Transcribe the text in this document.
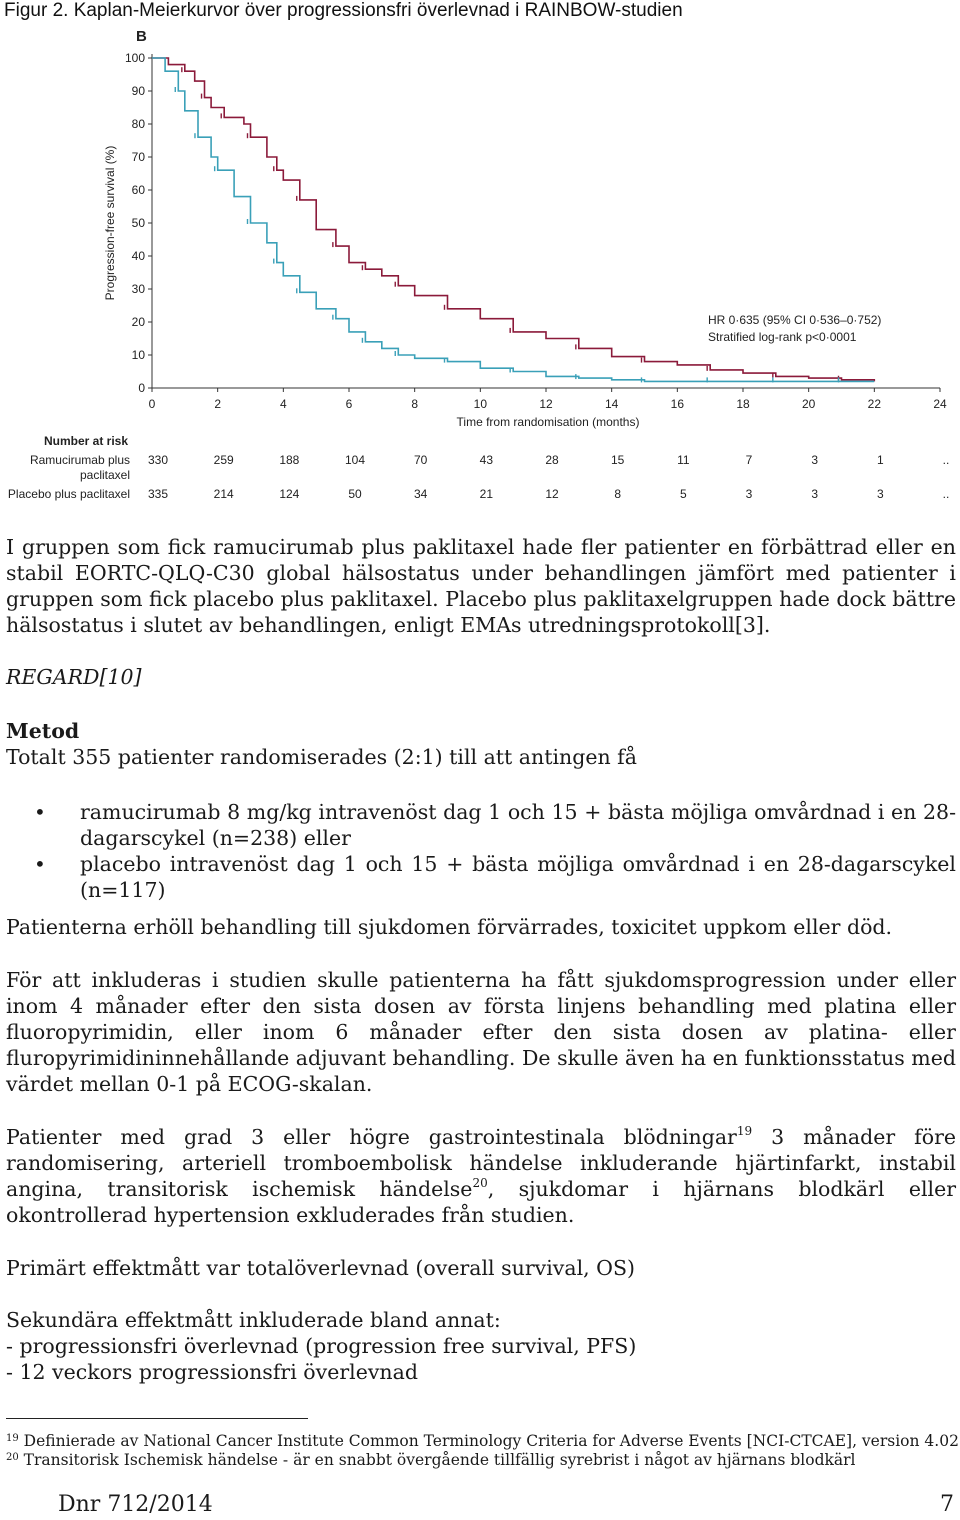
Figur 2. Kaplan-Meierkurvor över progressionsfri överlevnad i RAINBOW-studien
B
0
10
20
30
40
50
60
70
80
90
100
0	2	4	6	8	10	12	14	16	18	20	22	24
Time from randomisation (months)
Progression-free survival (%)
HR 0·635 (95% CI 0·536–0·752)
Stratified log-rank p<0·0001
Number at risk
Ramucirumab plus
paclitaxel
330	259	188	104	70	43	28	15	11	7	3	1	..
Placebo plus paclitaxel 335	214	124	50	34	21	12	8	5	3	3	3	..

I gruppen som fick ramucirumab plus paklitaxel hade fler patienter en förbättrad eller en stabil EORTC-QLQ-C30 global hälsostatus under behandlingen jämfört med patienter i gruppen som fick placebo plus paklitaxel. Placebo plus paklitaxelgruppen hade dock bättre hälsostatus i slutet av behandlingen, enligt EMAs utredningsprotokoll[3].

REGARD[10]

Metod

Totalt 355 patienter randomiserades (2:1) till att antingen få

• ramucirumab 8 mg/kg intravenöst dag 1 och 15 + bästa möjliga omvårdnad i en 28-dagarscykel (n=238) eller
• placebo intravenöst dag 1 och 15 + bästa möjliga omvårdnad i en 28-dagarscykel (n=117)

Patienterna erhöll behandling till sjukdomen förvärrades, toxicitet uppkom eller död.

För att inkluderas i studien skulle patienterna ha fått sjukdomsprogression under eller inom 4 månader efter den sista dosen av första linjens behandling med platina eller fluoropyrimidin, eller inom 6 månader efter den sista dosen av platina- eller fluropyrimidininnehållande adjuvant behandling. De skulle även ha en funktionsstatus med värdet mellan 0-1 på ECOG-skalan.

Patienter med grad 3 eller högre gastrointestinala blödningar$^{19}$ 3 månader före randomisering, arteriell tromboembolisk händelse inkluderande hjärtinfarkt, instabil angina, transitorisk ischemisk händelse$^{20}$, sjukdomar i hjärnans blodkärl eller okontrollerad hypertension exkluderades från studien.

Primärt effektmått var totalöverlevnad (overall survival, OS)

Sekundära effektmått inkluderade bland annat:

- progressionsfri överlevnad (progression free survival, PFS)

- 12 veckors progressionsfri överlevnad

$^{19}$ Definierade av National Cancer Institute Common Terminology Criteria for Adverse Events [NCI-CTCAE], version 4.02
$^{20}$ Transitorisk Ischemisk händelse - är en snabbt övergående tillfällig syrebrist i något av hjärnans blodkärl
Dnr 712/2014	7
